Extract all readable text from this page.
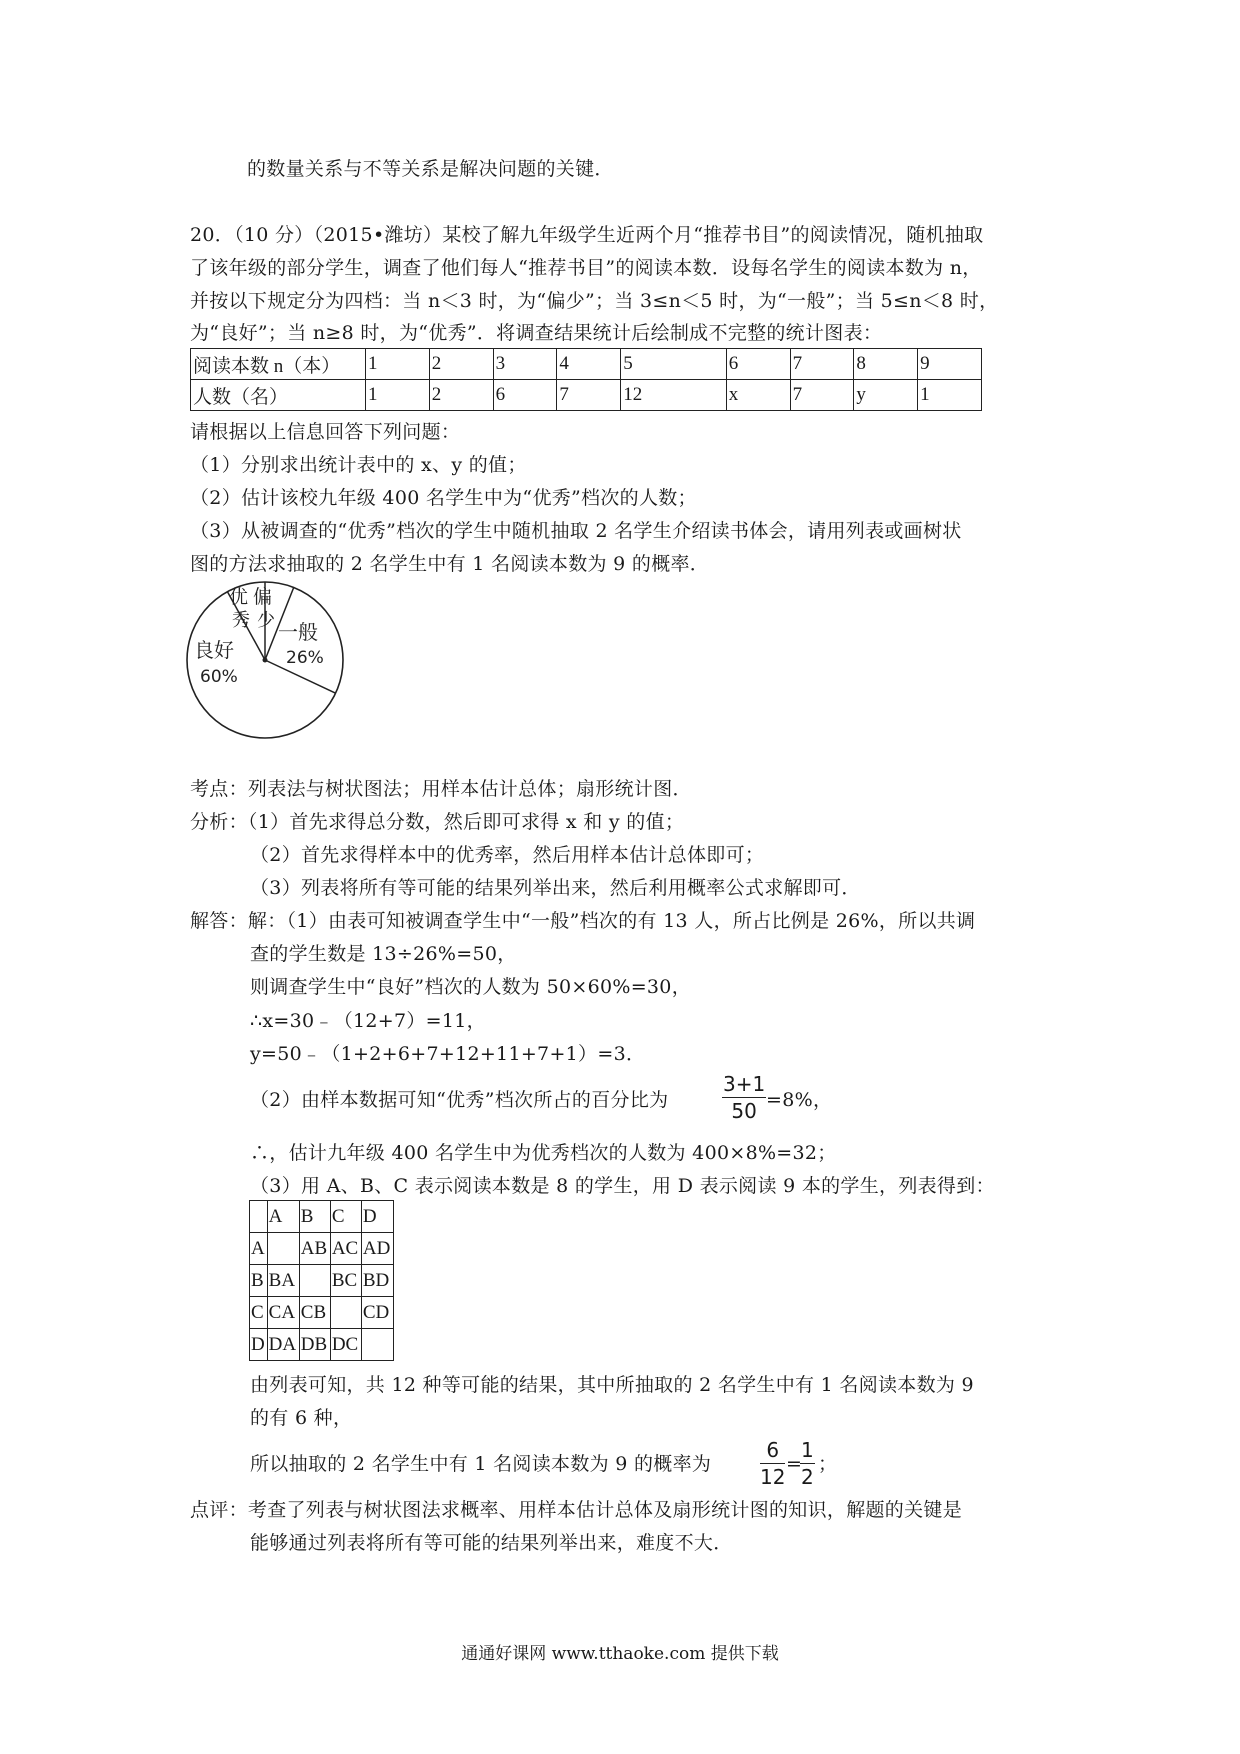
的数量关系与不等关系是解决问题的关键．
20．（10 分）（2015•潍坊）某校了解九年级学生近两个月“推荐书目”的阅读情况，随机抽取
了该年级的部分学生，调查了他们每人“推荐书目”的阅读本数．设每名学生的阅读本数为 n，
并按以下规定分为四档：当 n＜3 时，为“偏少”；当 3≤n＜5 时，为“一般”；当 5≤n＜8 时，
为“良好”；当 n≥8 时，为“优秀”．将调查结果统计后绘制成不完整的统计图表：
阅读本数 n（本）	1	2	3	4	5	6	7	8	9
人数（名）	1	2	6	7	12	x	7	y	1
请根据以上信息回答下列问题：
（1）分别求出统计表中的 x、y 的值；
（2）估计该校九年级 400 名学生中为“优秀”档次的人数；
（3）从被调查的“优秀”档次的学生中随机抽取 2 名学生介绍读书体会，请用列表或画树状
图的方法求抽取的 2 名学生中有 1 名阅读本数为 9 的概率．
优
秀
偏
少 一般
26%
良好
60%
考点：列表法与树状图法；用样本估计总体；扇形统计图．
分析：（1）首先求得总分数，然后即可求得 x 和 y 的值；
（2）首先求得样本中的优秀率，然后用样本估计总体即可；
（3）列表将所有等可能的结果列举出来，然后利用概率公式求解即可．
解答：解：（1）由表可知被调查学生中“一般”档次的有 13 人，所占比例是 26%，所以共调
查的学生数是 13÷26%=50，
则调查学生中“良好”档次的人数为 50×60%=30，
∴x=30﹣（12+7）=11，
y=50﹣（1+2+6+7+12+11+7+1）=3．
（2）由样本数据可知“优秀”档次所占的百分比为	$\frac{3+1}{50} =8\%$，
∴，估计九年级 400 名学生中为优秀档次的人数为 400×8%=32；
（3）用 A、B、C 表示阅读本数是 8 的学生，用 D 表示阅读 9 本的学生，列表得到：
	A	B	C	D
A		AB	AC	AD
B	BA		BC	BD
C	CA	CB		CD
D	DA	DB	DC	
由列表可知，共 12 种等可能的结果，其中所抽取的 2 名学生中有 1 名阅读本数为 9
的有 6 种，
所以抽取的 2 名学生中有 1 名阅读本数为 9 的概率为 $\frac{6}{12}$ =
$\frac{1}{2}$ ；
点评：考查了列表与树状图法求概率、用样本估计总体及扇形统计图的知识，解题的关键是
能够通过列表将所有等可能的结果列举出来，难度不大．
通通好课网 www.tthaoke.com 提供下载
